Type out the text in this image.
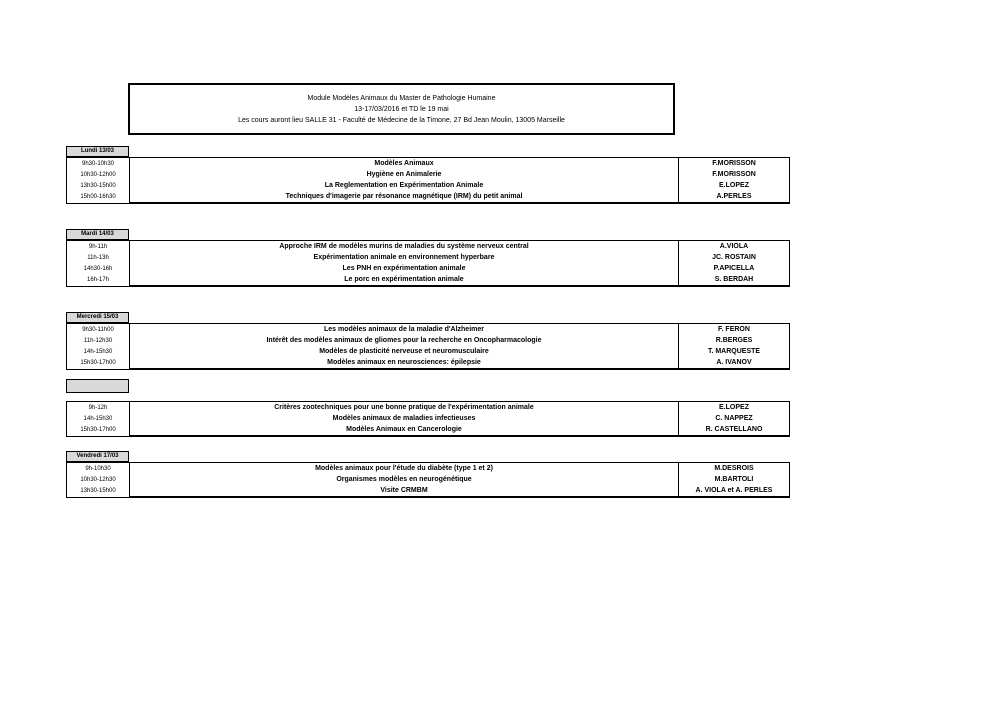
Module Modèles Animaux du Master de Pathologie Humaine
13-17/03/2016 et TD le 19 mai
Les cours auront lieu SALLE 31 - Faculté de Médecine de la Timone, 27 Bd Jean Moulin, 13005 Marseille
Lundi 13/03
9h30-10h30	Modèles Animaux	F.MORISSON
10h30-12h00	Hygiène en Animalerie	F.MORISSON
13h30-15h00	La Reglementation en Expérimentation Animale	E.LOPEZ
15h00-16h30	Techniques d'imagerie par résonance magnétique (IRM) du petit animal	A.PERLES
Mardi 14/03
9h-11h	Approche IRM de modèles murins de maladies du système nerveux central	A.VIOLA
11h-13h	Expérimentation animale en environnement hyperbare	JC. ROSTAIN
14h30-16h	Les PNH en expérimentation animale	P.APICELLA
16h-17h	Le porc en expérimentation animale	S. BERDAH
Mercredi 15/03
9h30-11h00	Les modèles animaux de la maladie d'Alzheimer	F. FERON
11h-12h30	Intérêt des modèles animaux de gliomes pour la recherche en Oncopharmacologie	R.BERGES
14h-15h30	Modèles de plasticité nerveuse et neuromusculaire	T. MARQUESTE
15h30-17h00	Modèles animaux en neurosciences: épilepsie	A. IVANOV
9h-12h	Critères zootechniques pour une bonne pratique de l'expérimentation animale	E.LOPEZ
14h-15h30	Modèles animaux de maladies infectieuses	C. NAPPEZ
15h30-17h00	Modèles Animaux en Cancerologie	R. CASTELLANO
Vendredi 17/03
9h-10h30	Modèles animaux pour l'étude du diabète (type 1 et 2)	M.DESROIS
10h30-12h30	Organismes modèles en neurogénétique	M.BARTOLI
13h30-15h00	Visite CRMBM	A. VIOLA et A. PERLES
